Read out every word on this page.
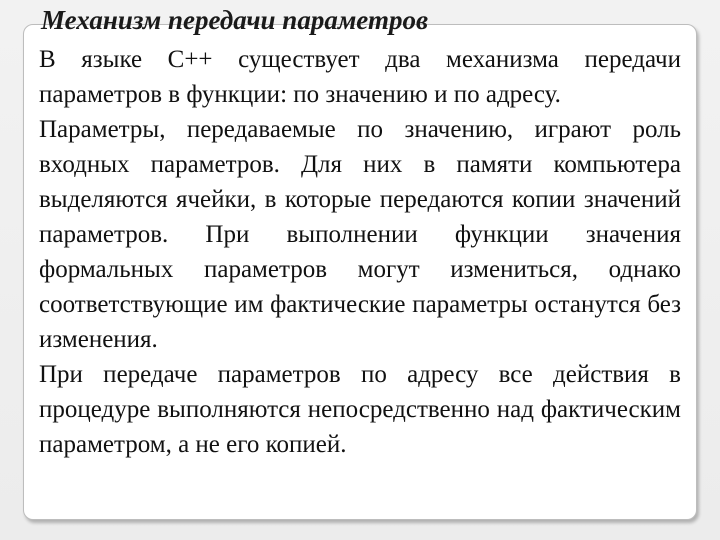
Механизм передачи параметров

В языке С++ существует два механизма передачи параметров в функции: по значению и по адресу.

Параметры, передаваемые по значению, играют роль входных параметров. Для них в памяти компьютера выделяются ячейки, в которые передаются копии значений параметров. При выполнении функции значения формальных параметров могут измениться, однако соответствующие им фактические параметры останутся без изменения.

При передаче параметров по адресу все действия в процедуре выполняются непосредственно над фактическим параметром, а не его копией.
